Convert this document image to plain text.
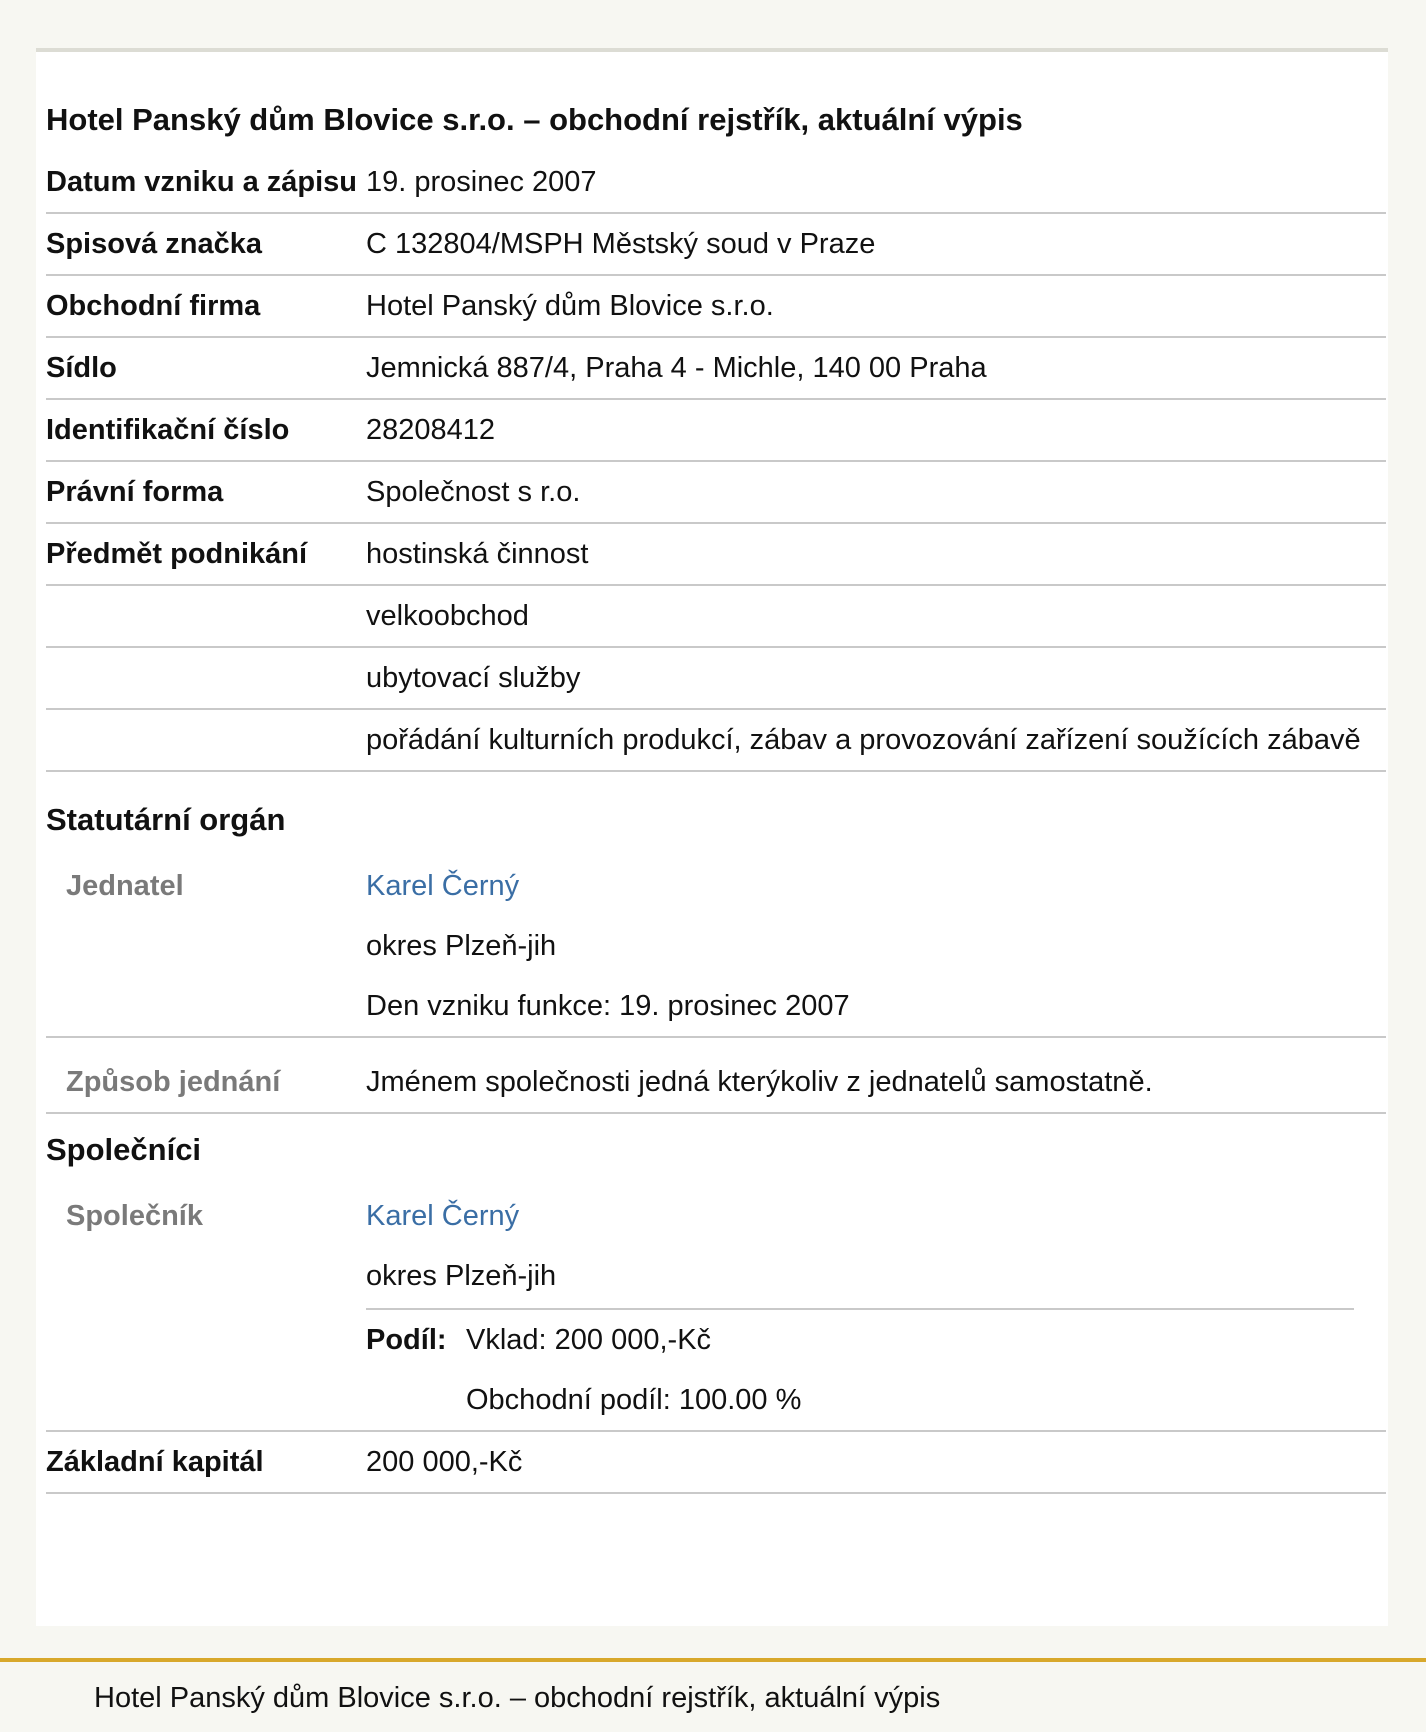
Hotel Panský dům Blovice s.r.o. – obchodní rejstřík, aktuální výpis
Datum vzniku a zápisu 19. prosinec 2007
Spisová značka	C 132804/MSPH Městský soud v Praze
Obchodní firma	Hotel Panský dům Blovice s.r.o.
Sídlo	Jemnická 887/4, Praha 4 - Michle, 140 00 Praha
Identifikační číslo	28208412
Právní forma	Společnost s r.o.
Předmět podnikání	hostinská činnost
velkoobchod
ubytovací služby
pořádání kulturních produkcí, zábav a provozování zařízení soužících zábavě
Statutární orgán
Jednatel	Karel Černý
okres Plzeň-jih
Den vzniku funkce: 19. prosinec 2007
Způsob jednání	Jménem společnosti jedná kterýkoliv z jednatelů samostatně.
Společníci
Společník	Karel Černý
okres Plzeň-jih
Podíl: Vklad: 200 000,-Kč
Obchodní podíl: 100.00 %
Základní kapitál	200 000,-Kč
Hotel Panský dům Blovice s.r.o. – obchodní rejstřík, aktuální výpis
